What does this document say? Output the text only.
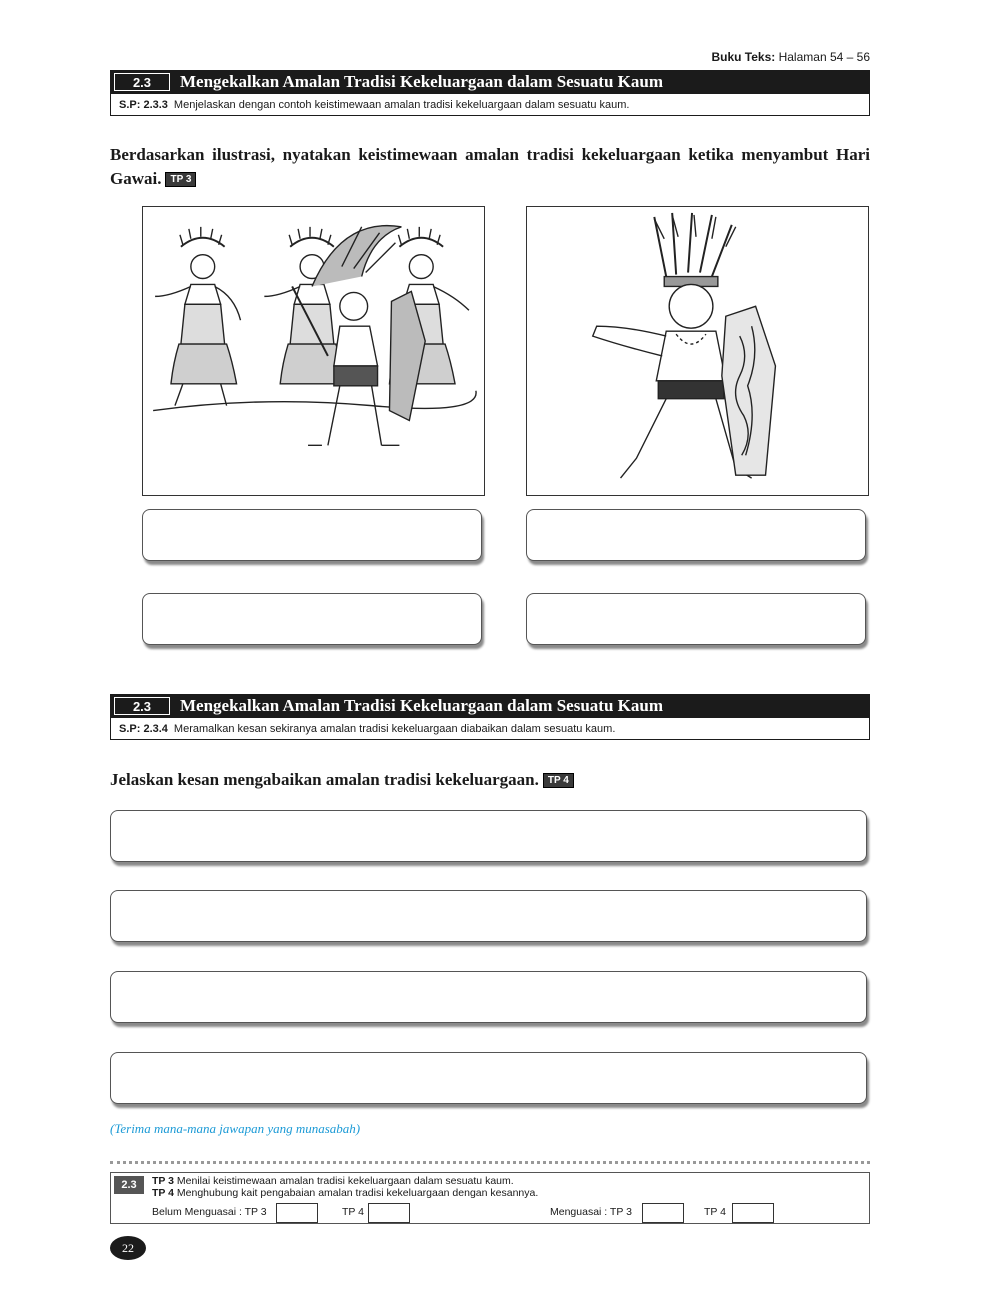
Buku Teks: Halaman 54 – 56
2.3	Mengekalkan Amalan Tradisi Kekeluargaan dalam Sesuatu Kaum
S.P: 2.3.3 Menjelaskan dengan contoh keistimewaan amalan tradisi kekeluargaan dalam sesuatu kaum.
Berdasarkan ilustrasi, nyatakan keistimewaan amalan tradisi kekeluargaan ketika menyambut Hari Gawai. TP 3
2.3	Mengekalkan Amalan Tradisi Kekeluargaan dalam Sesuatu Kaum
S.P: 2.3.4 Meramalkan kesan sekiranya amalan tradisi kekeluargaan diabaikan dalam sesuatu kaum.
Jelaskan kesan mengabaikan amalan tradisi kekeluargaan. TP 4
(Terima mana-mana jawapan yang munasabah)
2.3	TP 3 Menilai keistimewaan amalan tradisi kekeluargaan dalam sesuatu kaum.
TP 4 Menghubung kait pengabaian amalan tradisi kekeluargaan dengan kesannya.
Belum Menguasai : TP 3	TP 4	Menguasai : TP 3	TP 4
22
